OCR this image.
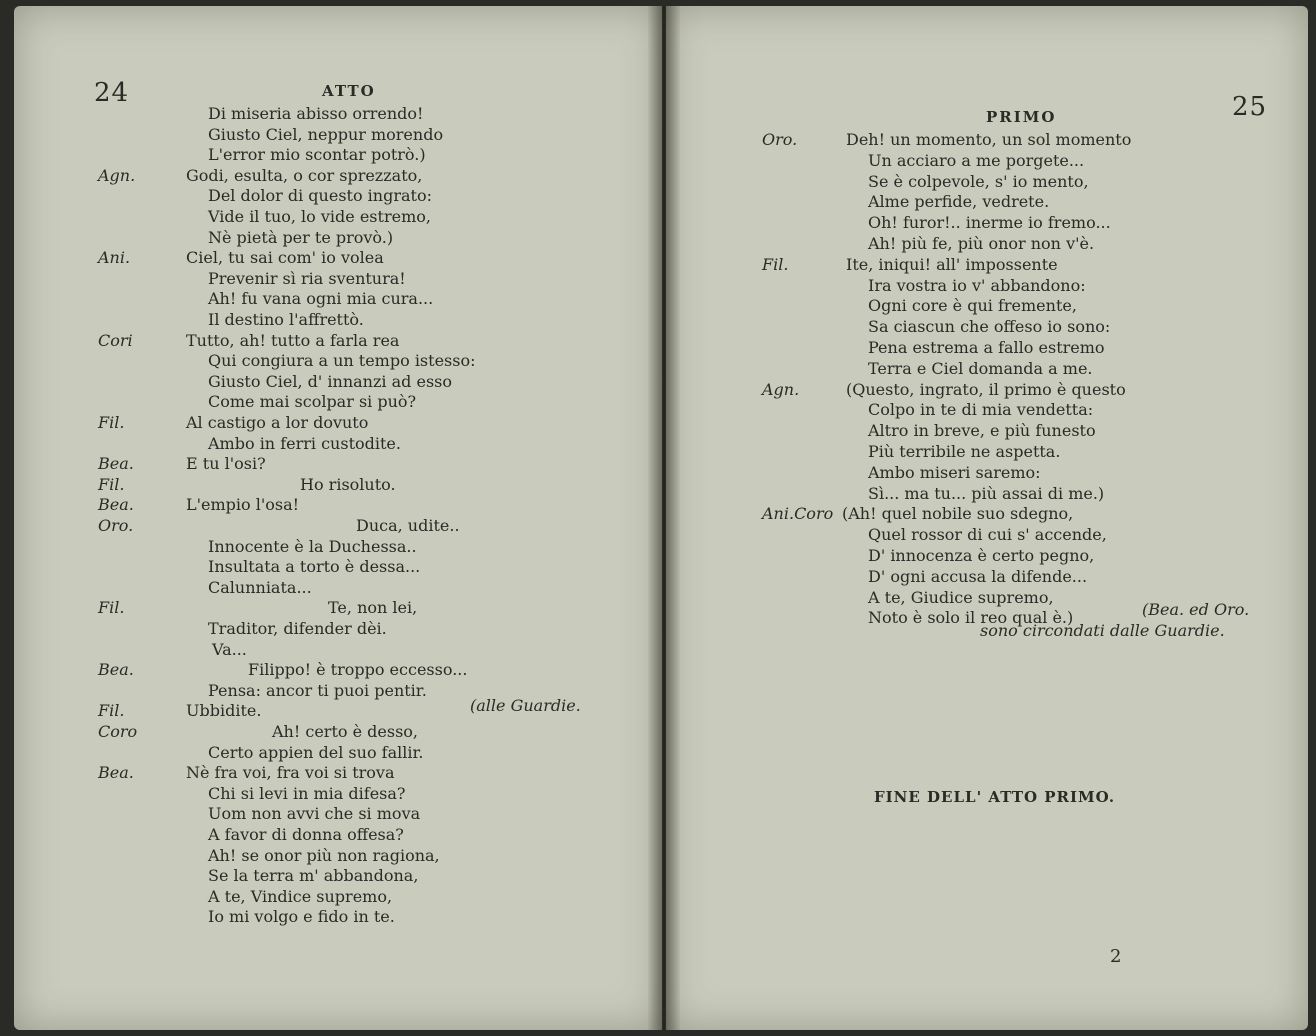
24	ATTO
Di miseria abisso orrendo!
Giusto Ciel, neppur morendo
L'error mio scontar potrò.)
Agn.	Godi, esulta, o cor sprezzato,
Del dolor di questo ingrato:
Vide il tuo, lo vide estremo,
Nè pietà per te provò.)
Ani.	Ciel, tu sai com' io volea
Prevenir sì ria sventura!
Ah! fu vana ogni mia cura...
Il destino l'affrettò.
Cori	Tutto, ah! tutto a farla rea
Qui congiura a un tempo istesso:
Giusto Ciel, d' innanzi ad esso
Come mai scolpar si può?
Fil.	Al castigo a lor dovuto
Ambo in ferri custodite.
Bea.	E tu l'osi?
Fil.	Ho risoluto.
Bea.	L'empio l'osa!
Oro.	Duca, udite..
Innocente è la Duchessa..
Insultata a torto è dessa...
Calunniata...
Fil.	Te, non lei,
Traditor, difender dèi.
Va...
Bea.	Filippo! è troppo eccesso...
Pensa: ancor ti puoi pentir.
Fil.	Ubbidite.
Coro	Ah! certo è desso,
Certo appien del suo fallir.
Bea.	Nè fra voi, fra voi si trova
Chi si levi in mia difesa?
Uom non avvi che si mova
A favor di donna offesa?
Ah! se onor più non ragiona,
Se la terra m' abbandona,
A te, Vindice supremo,
Io mi volgo e fido in te.
(alle Guardie.
PRIMO	25
Oro.	Deh! un momento, un sol momento
Un acciaro a me porgete...
Se è colpevole, s' io mento,
Alme perfide, vedrete.
Oh! furor!.. inerme io fremo...
Ah! più fe, più onor non v'è.
Fil.	Ite, iniqui! all' impossente
Ira vostra io v' abbandono:
Ogni core è qui fremente,
Sa ciascun che offeso io sono:
Pena estrema a fallo estremo
Terra e Ciel domanda a me.
Agn.	(Questo, ingrato, il primo è questo
Colpo in te di mia vendetta:
Altro in breve, e più funesto
Più terribile ne aspetta.
Ambo miseri saremo:
Sì... ma tu... più assai di me.)
Ani.Coro (Ah! quel nobile suo sdegno,
Quel rossor di cui s' accende,
D' innocenza è certo pegno,
D' ogni accusa la difende...
A te, Giudice supremo,
Noto è solo il reo qual è.)	(Bea. ed Oro.
sono circondati dalle Guardie.
FINE DELL' ATTO PRIMO.
2
